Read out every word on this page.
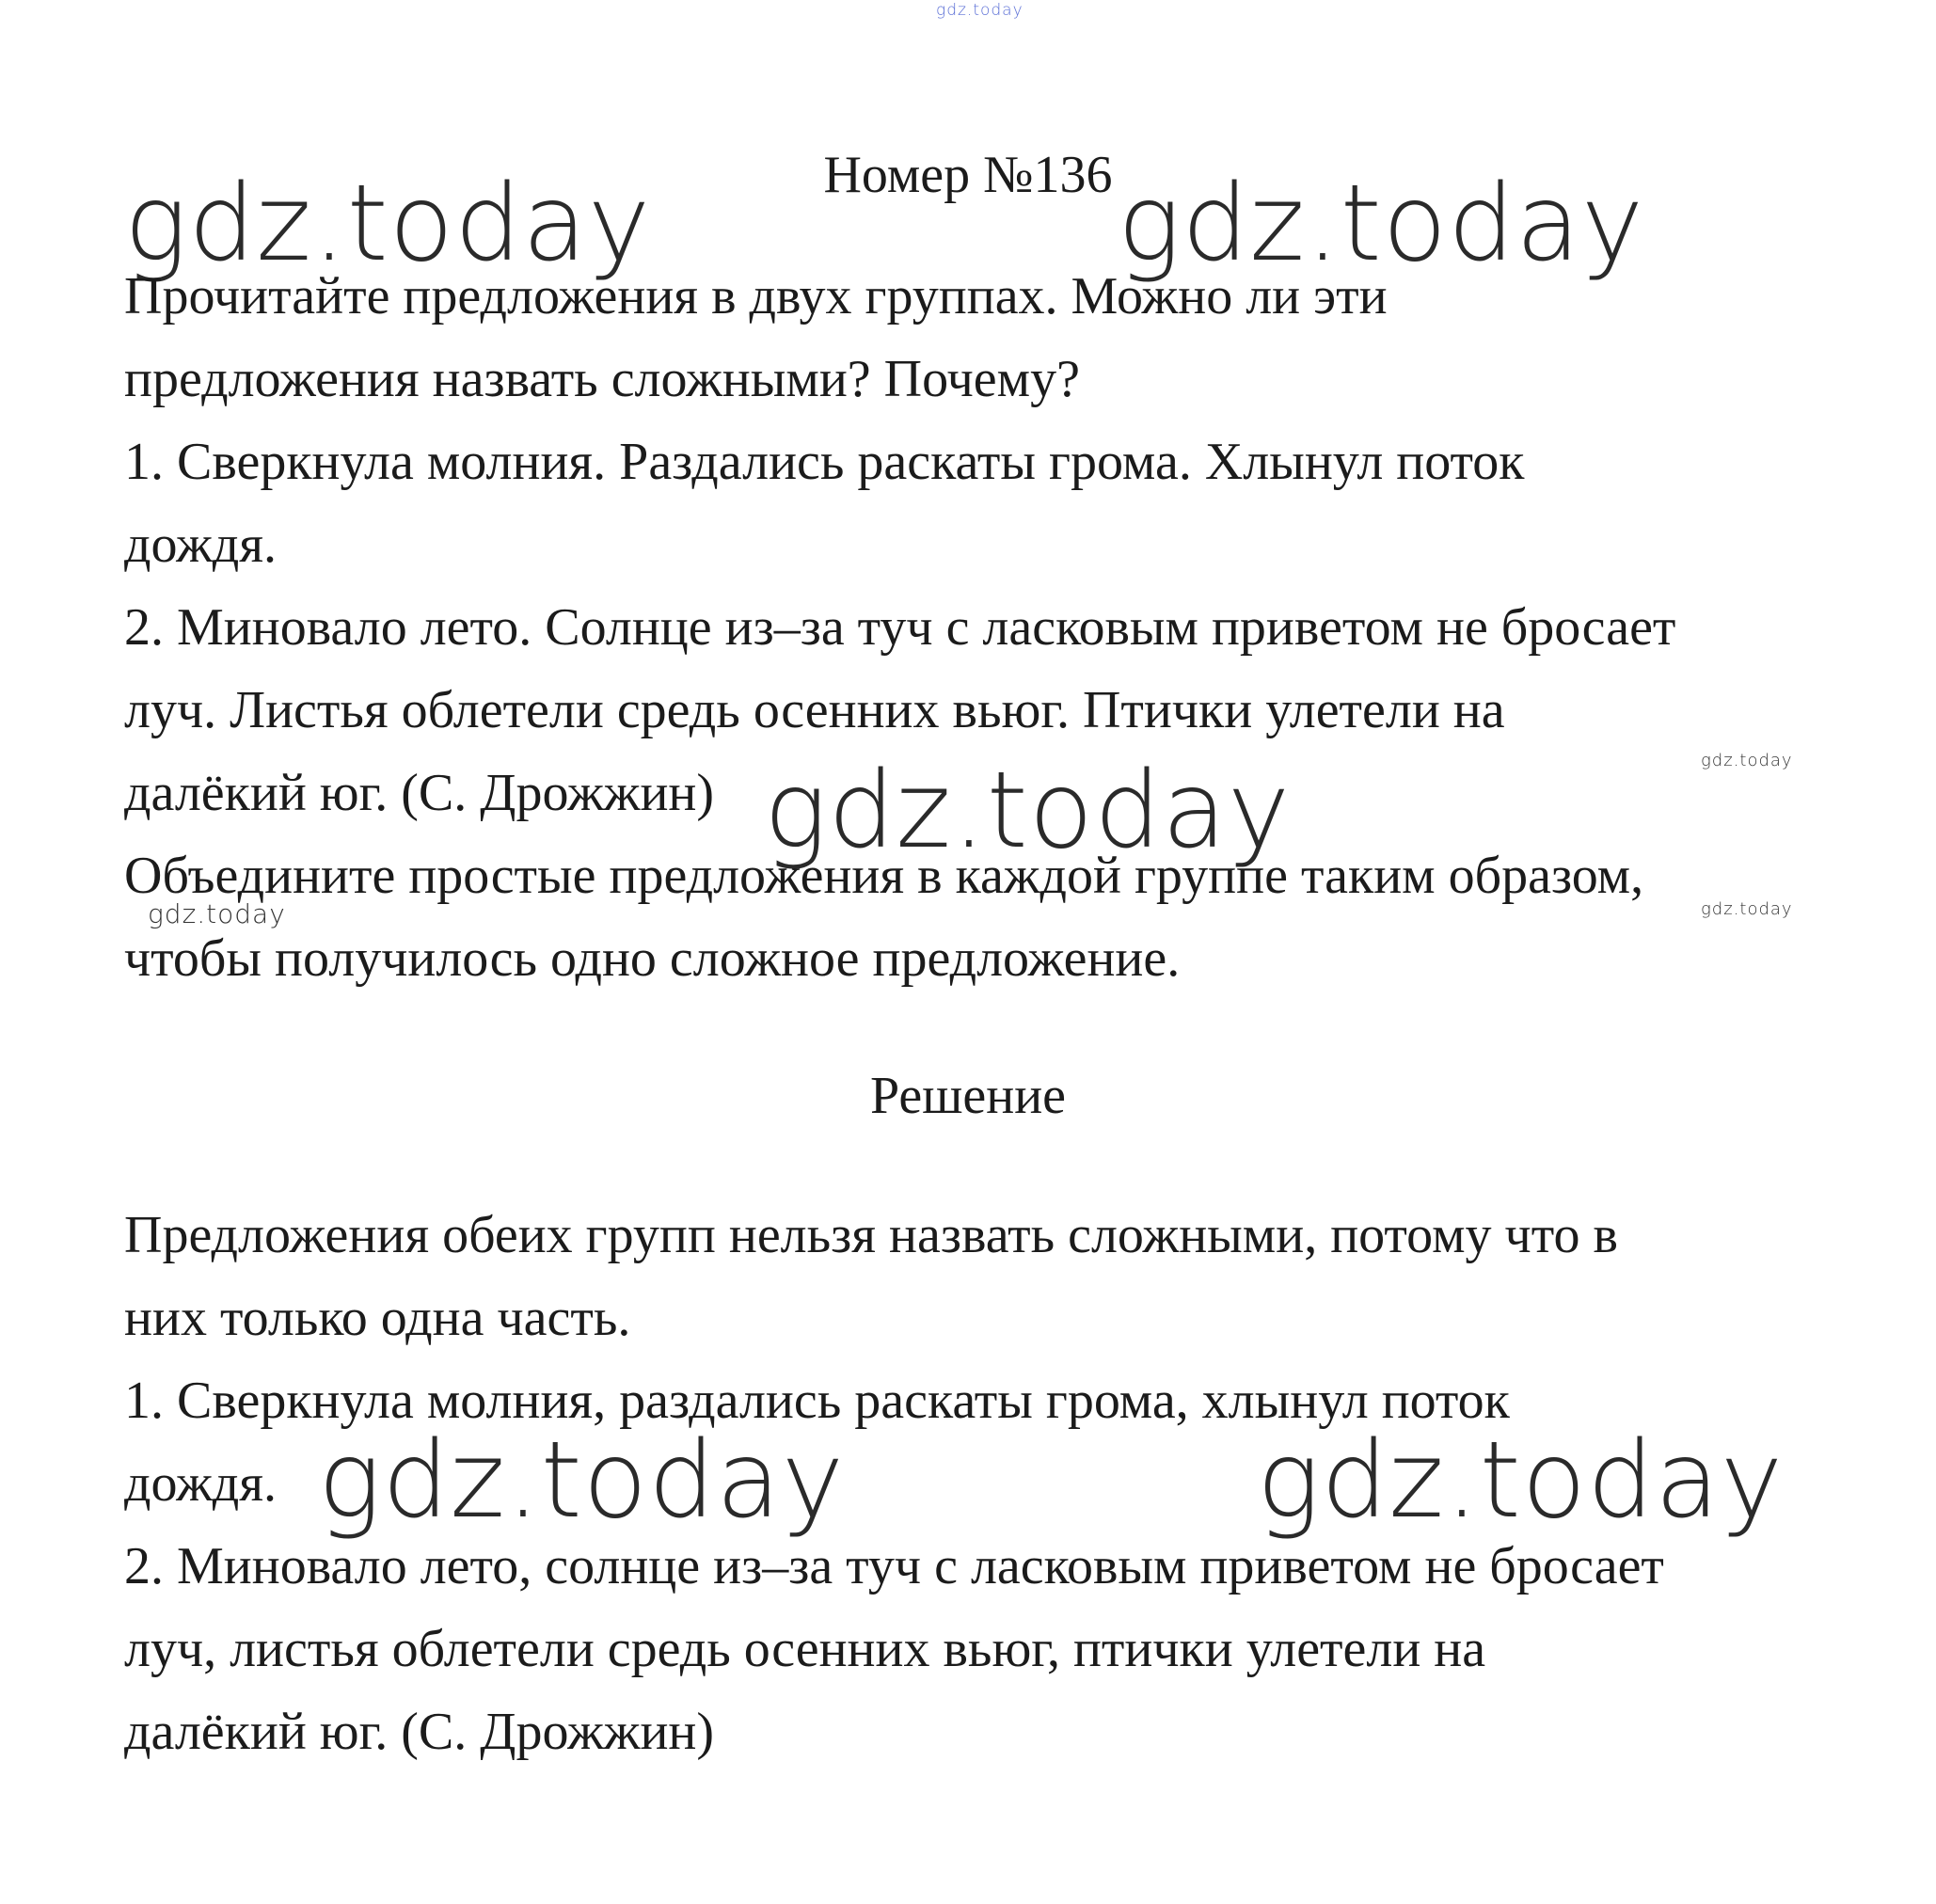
gdz.today
gdz.today	gdz.today
gdz.today	gdz.today
gdz.today	gdz.today
gdz.today	gdz.today

Номер №136

Прочитайте предложения в двух группах. Можно ли эти

предложения назвать сложными? Почему?

1. Сверкнула молния. Раздались раскаты грома. Хлынул поток

дождя.

2. Миновало лето. Солнце из–за туч с ласковым приветом не бросает

луч. Листья облетели средь осенних вьюг. Птички улетели на

далёкий юг. (С. Дрожжин)

Объедините простые предложения в каждой группе таким образом,

чтобы получилось одно сложное предложение.

Решение

Предложения обеих групп нельзя назвать сложными, потому что в

них только одна часть.

1. Сверкнула молния, раздались раскаты грома, хлынул поток

дождя.

2. Миновало лето, солнце из–за туч с ласковым приветом не бросает

луч, листья облетели средь осенних вьюг, птички улетели на

далёкий юг. (С. Дрожжин)
